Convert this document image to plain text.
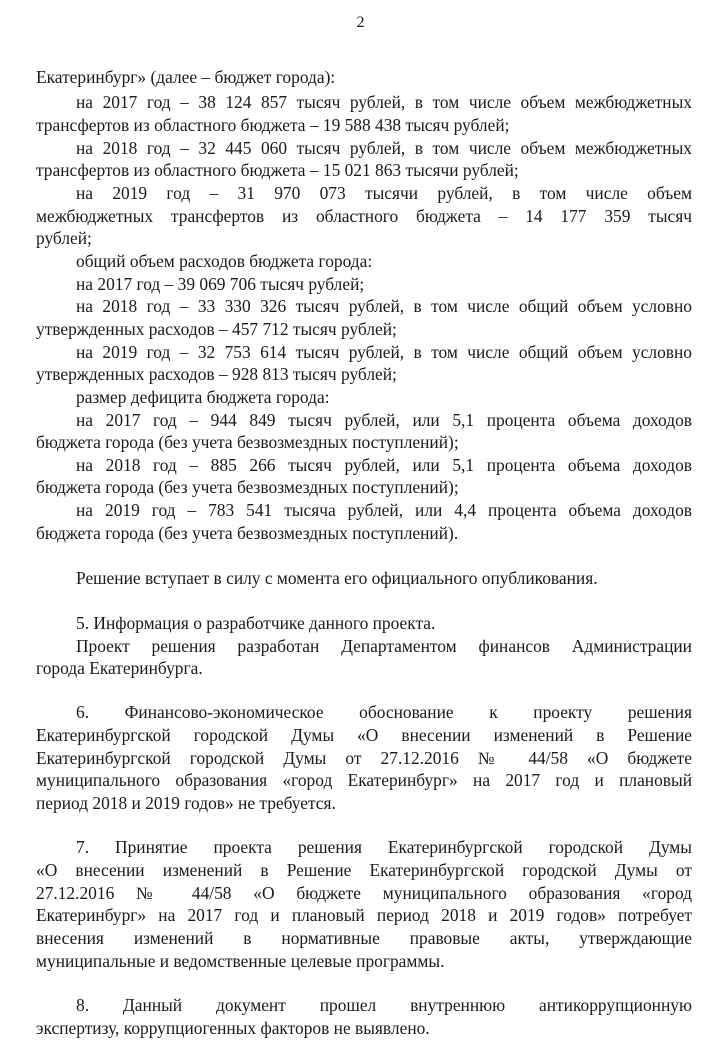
2
Екатеринбург» (далее – бюджет города):
на 2017 год – 38 124 857 тысяч рублей, в том числе объем межбюджетных
трансфертов из областного бюджета – 19 588 438 тысяч рублей;
на 2018 год – 32 445 060 тысяч рублей, в том числе объем межбюджетных
трансфертов из областного бюджета – 15 021 863 тысячи рублей;
на 2019 год – 31 970 073 тысячи рублей, в том числе объем
межбюджетных трансфертов из областного бюджета – 14 177 359 тысяч
рублей;
общий объем расходов бюджета города:
на 2017 год – 39 069 706 тысяч рублей;
на 2018 год – 33 330 326 тысяч рублей, в том числе общий объем условно
утвержденных расходов – 457 712 тысяч рублей;
на 2019 год – 32 753 614 тысяч рублей, в том числе общий объем условно
утвержденных расходов – 928 813 тысяч рублей;
размер дефицита бюджета города:
на 2017 год – 944 849 тысяч рублей, или 5,1 процента объема доходов
бюджета города (без учета безвозмездных поступлений);
на 2018 год – 885 266 тысяч рублей, или 5,1 процента объема доходов
бюджета города (без учета безвозмездных поступлений);
на 2019 год – 783 541 тысяча рублей, или 4,4 процента объема доходов
бюджета города (без учета безвозмездных поступлений).
Решение вступает в силу с момента его официального опубликования.
5. Информация о разработчике данного проекта.
Проект решения разработан Департаментом финансов Администрации
города Екатеринбурга.
6. Финансово-экономическое обоснование к проекту решения
Екатеринбургской городской Думы «О внесении изменений в Решение
Екатеринбургской городской Думы от 27.12.2016 № 44/58 «О бюджете
муниципального образования «город Екатеринбург» на 2017 год и плановый
период 2018 и 2019 годов» не требуется.
7. Принятие проекта решения Екатеринбургской городской Думы
«О внесении изменений в Решение Екатеринбургской городской Думы от
27.12.2016 № 44/58 «О бюджете муниципального образования «город
Екатеринбург» на 2017 год и плановый период 2018 и 2019 годов» потребует
внесения изменений в нормативные правовые акты, утверждающие
муниципальные и ведомственные целевые программы.
8. Данный документ прошел внутреннюю антикоррупционную
экспертизу, коррупциогенных факторов не выявлено.
